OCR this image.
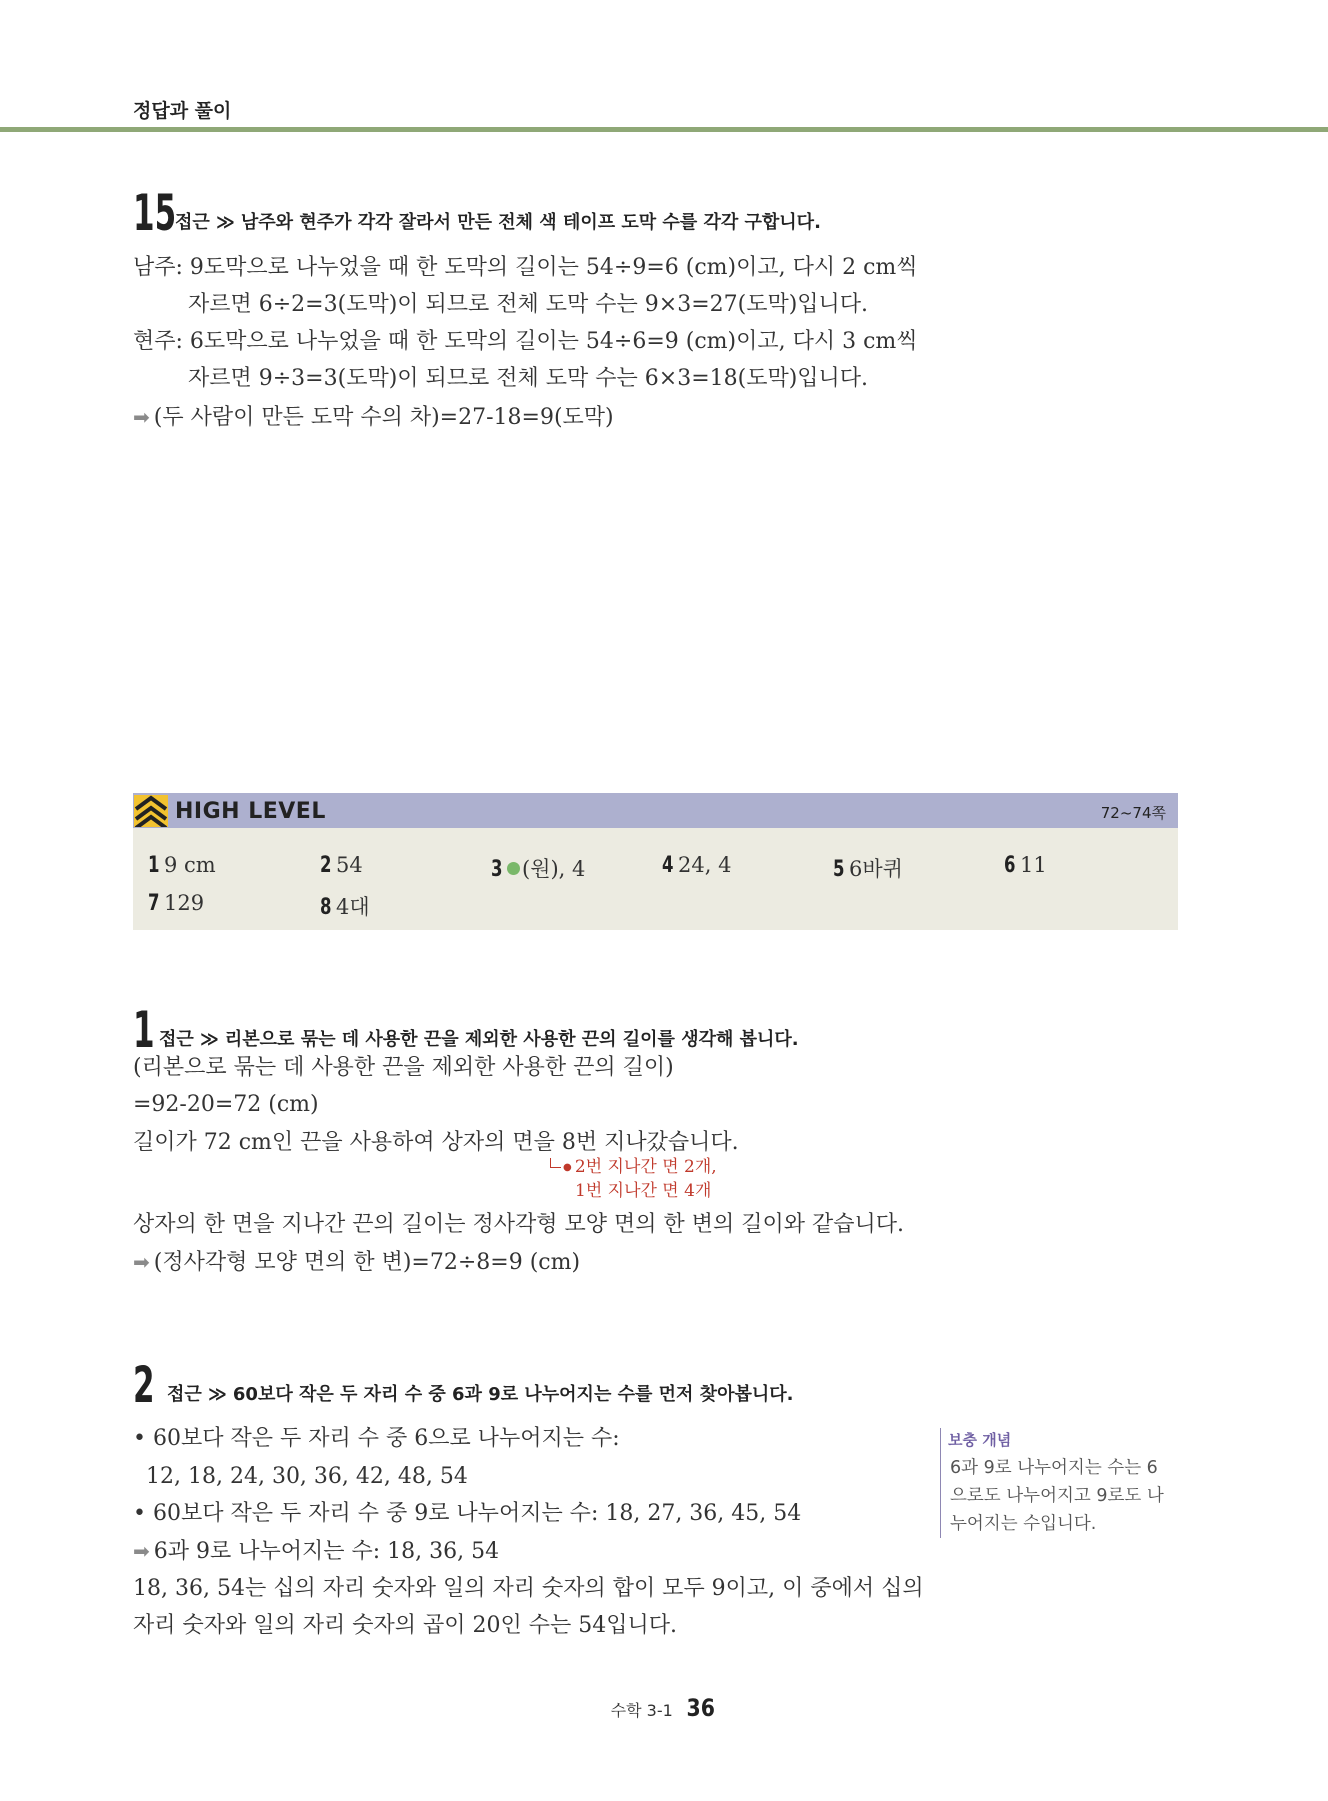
정답과 풀이
15
접근 ≫ 남주와 현주가 각각 잘라서 만든 전체 색 테이프 도막 수를 각각 구합니다.
남주: 9도막으로 나누었을 때 한 도막의 길이는 54÷9=6 (cm)이고, 다시 2 cm씩
자르면 6÷2=3(도막)이 되므로 전체 도막 수는 9×3=27(도막)입니다.
현주: 6도막으로 나누었을 때 한 도막의 길이는 54÷6=9 (cm)이고, 다시 3 cm씩
자르면 9÷3=3(도막)이 되므로 전체 도막 수는 6×3=18(도막)입니다.
➡ (두 사람이 만든 도막 수의 차)=27-18=9(도막)
HIGH LEVEL	72~74쪽
1 9 cm	2 54	3 (원), 4	4 24, 4	5 6바퀴	6 11
7 129	8 4대
1 접근 ≫ 리본으로 묶는 데 사용한 끈을 제외한 사용한 끈의 길이를 생각해 봅니다.
(리본으로 묶는 데 사용한 끈을 제외한 사용한 끈의 길이)
=92-20=72 (cm)
길이가 72 cm인 끈을 사용하여 상자의 면을 8번 지나갔습니다.
● 2번 지나간 면 2개,
1번 지나간 면 4개
상자의 한 면을 지나간 끈의 길이는 정사각형 모양 면의 한 변의 길이와 같습니다.
➡ (정사각형 모양 면의 한 변)=72÷8=9 (cm)
2 접근 ≫ 60보다 작은 두 자리 수 중 6과 9로 나누어지는 수를 먼저 찾아봅니다.
• 60보다 작은 두 자리 수 중 6으로 나누어지는 수:
12, 18, 24, 30, 36, 42, 48, 54
• 60보다 작은 두 자리 수 중 9로 나누어지는 수: 18, 27, 36, 45, 54
➡ 6과 9로 나누어지는 수: 18, 36, 54
18, 36, 54는 십의 자리 숫자와 일의 자리 숫자의 합이 모두 9이고, 이 중에서 십의
자리 숫자와 일의 자리 숫자의 곱이 20인 수는 54입니다.
보충 개념
6과 9로 나누어지는 수는 6
으로도 나누어지고 9로도 나
누어지는 수입니다.
수학 3-1 36
